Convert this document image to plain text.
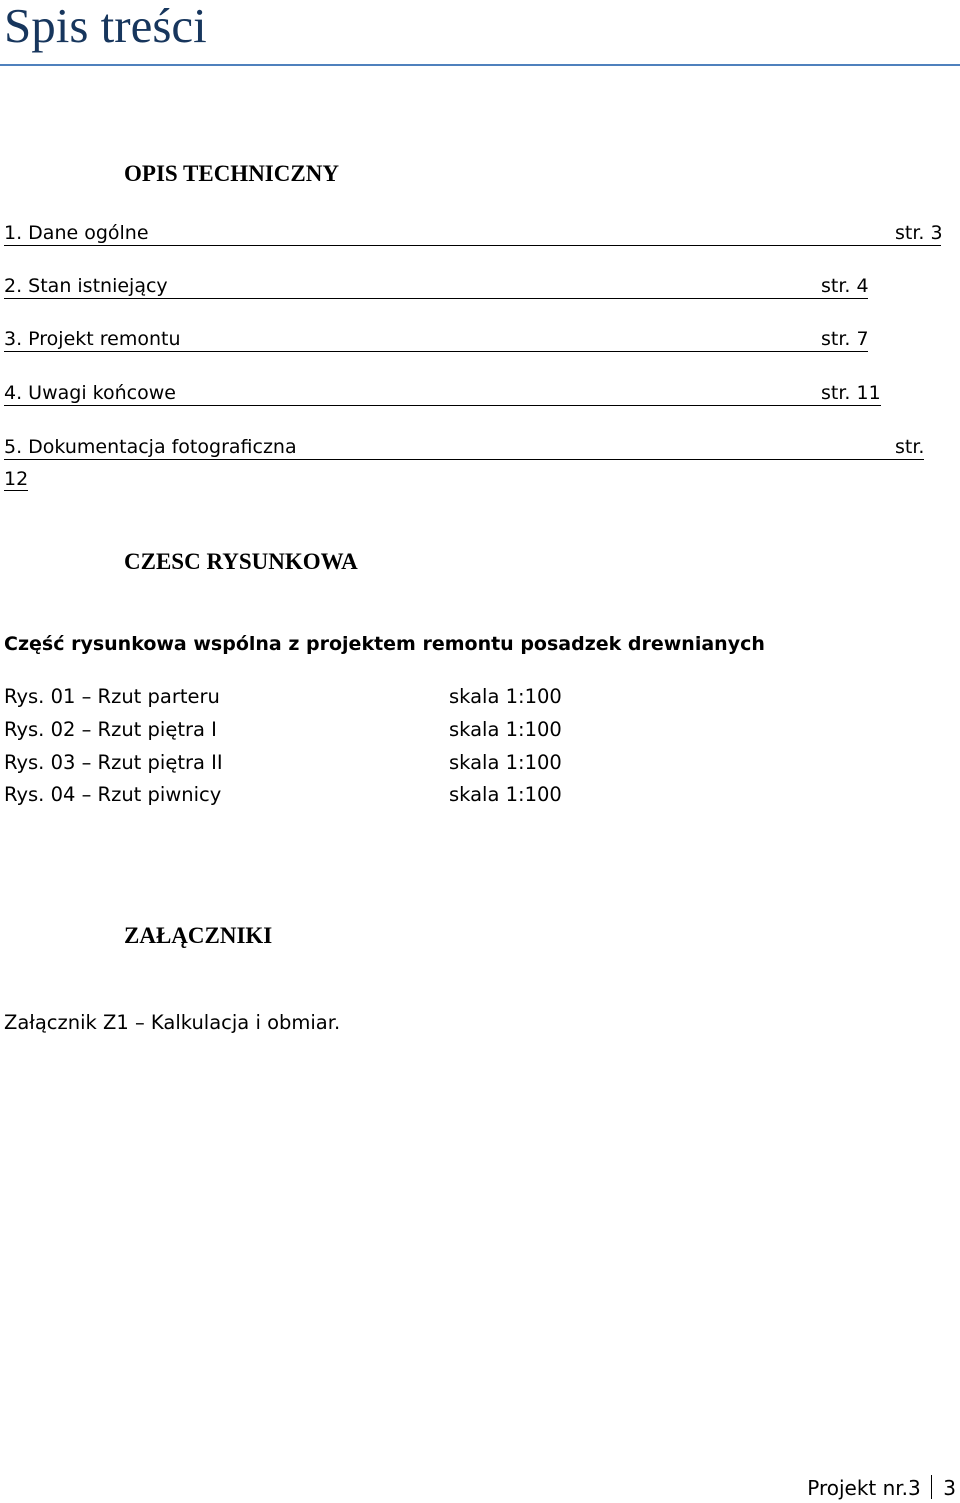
Spis treści
OPIS TECHNICZNY
1. Dane ogólne	str. 3
2. Stan istniejący	str. 4
3. Projekt remontu	str. 7
4. Uwagi końcowe	str. 11
5. Dokumentacja fotograficzna	str.
12
CZESC RYSUNKOWA
Część rysunkowa wspólna z projektem remontu posadzek drewnianych
Rys. 01 – Rzut parteru	skala 1:100
Rys. 02 – Rzut piętra I	skala 1:100
Rys. 03 – Rzut piętra II	skala 1:100
Rys. 04 – Rzut piwnicy	skala 1:100
ZAŁĄCZNIKI
Załącznik Z1 – Kalkulacja i obmiar.
Projekt nr.3 3
